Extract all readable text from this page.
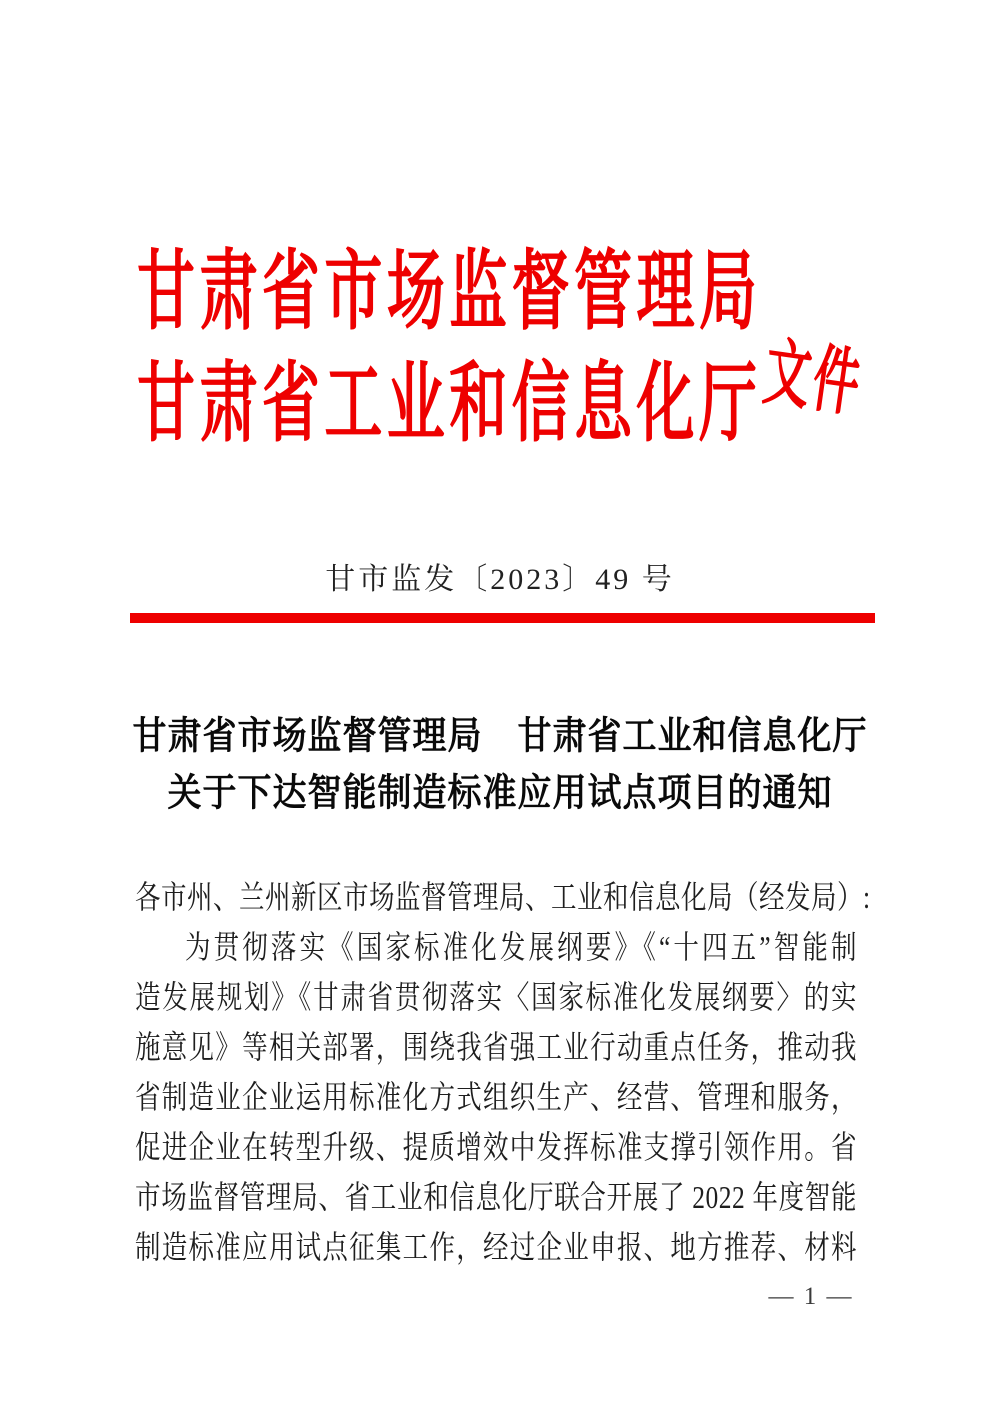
甘肃省市场监督管理局
甘肃省工业和信息化厅 文件
甘市监发〔2023〕49 号
甘肃省市场监督管理局　甘肃省工业和信息化厅
关于下达智能制造标准应用试点项目的通知
各市州、兰州新区市场监督管理局、工业和信息化局（经发局）:
为贯彻落实《国家标准化发展纲要》《“十四五”智能制
造发展规划》《甘肃省贯彻落实〈国家标准化发展纲要〉的实
施意见》等相关部署，围绕我省强工业行动重点任务，推动我
省制造业企业运用标准化方式组织生产、经营、管理和服务，
促进企业在转型升级、提质增效中发挥标准支撑引领作用。省
市场监督管理局、省工业和信息化厅联合开展了 2022 年度智能
制造标准应用试点征集工作，经过企业申报、地方推荐、材料
— 1 —
